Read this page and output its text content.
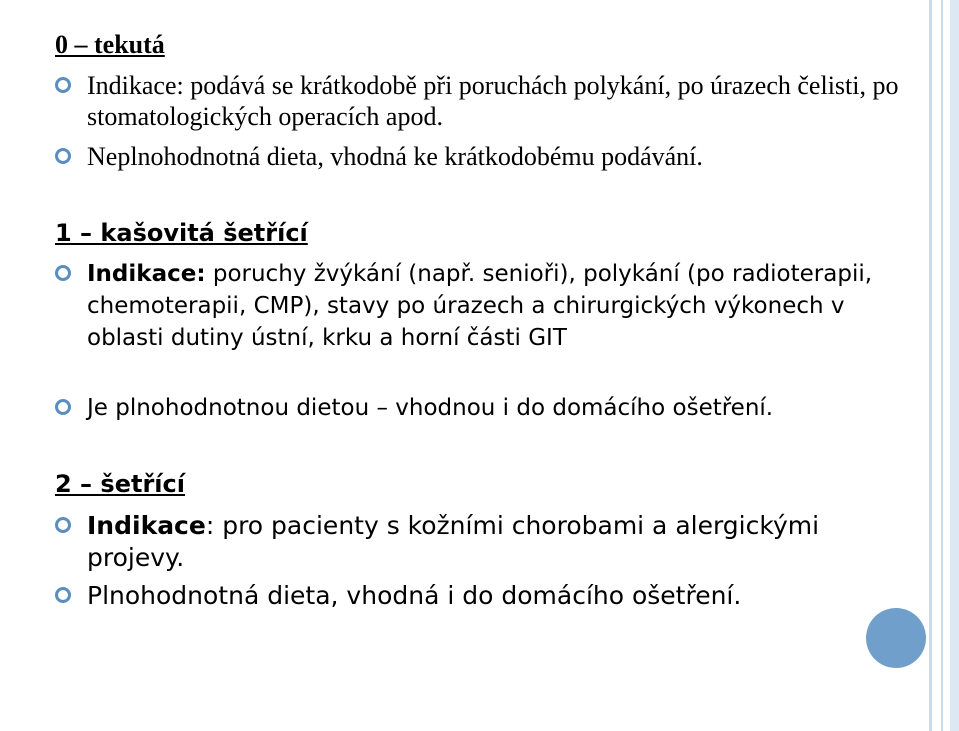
0 – tekutá
Indikace: podává se krátkodobě při poruchách polykání, po úrazech čelisti, po stomatologických operacích apod.
Neplnohodnotná dieta, vhodná ke krátkodobému podávání.
1 – kašovitá šetřící
Indikace: poruchy žvýkání (např. senioři), polykání (po radioterapii, chemoterapii, CMP), stavy po úrazech a chirurgických výkonech v oblasti dutiny ústní, krku a horní části GIT
Je plnohodnotnou dietou – vhodnou i do domácího ošetření.
2 – šetřící
Indikace: pro pacienty s kožními chorobami a alergickými projevy.
Plnohodnotná dieta, vhodná i do domácího ošetření.
